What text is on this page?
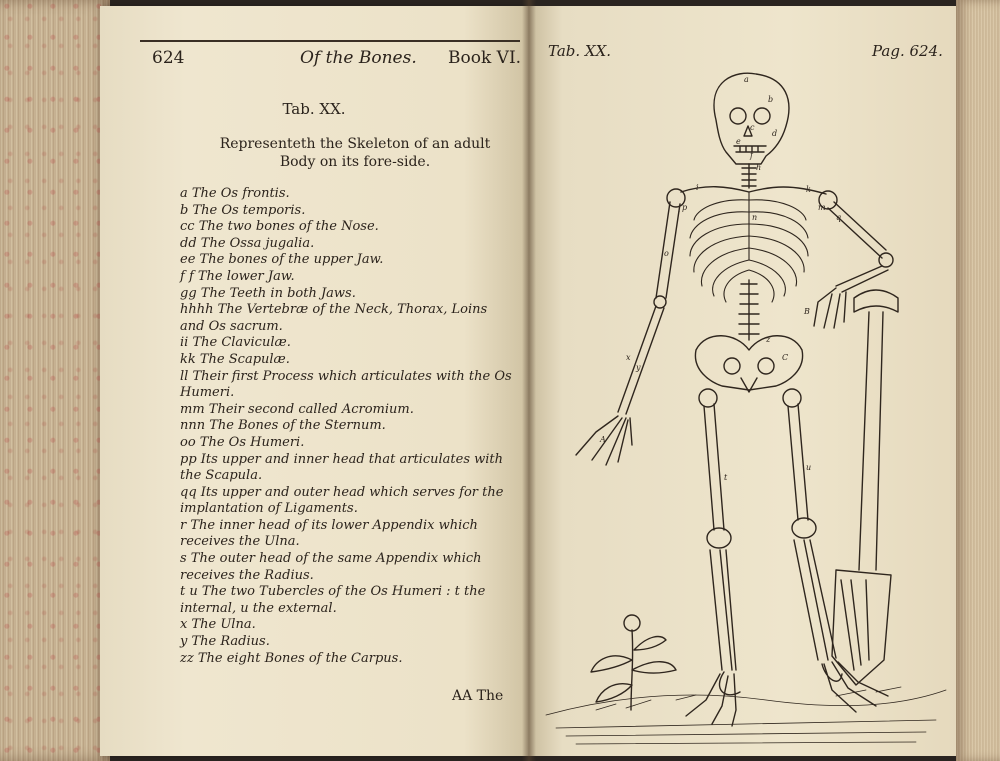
624	Of the Bones. Book VI.
Tab. XX.
Representeth the Skeleton of an adult Body on its fore-side.
a The Os frontis.
b The Os temporis.
cc The two bones of the Nose.
dd The Ossa jugalia.
ee The bones of the upper Jaw.
f f The lower Jaw.
gg The Teeth in both Jaws.
hhhh The Vertebræ of the Neck, Thorax, Loins and Os sacrum.
ii The Claviculæ.
kk The Scapulæ.
ll Their first Process which articulates with the Os Humeri.
mm Their second called Acromium.
nnn The Bones of the Sternum.
oo The Os Humeri.
pp Its upper and inner head that articulates with the Scapula.
qq Its upper and outer head which serves for the implantation of Ligaments.
r The inner head of its lower Appendix which receives the Ulna.
s The outer head of the same Appendix which receives the Radius.
t u The two Tubercles of the Os Humeri : t the internal, u the external.
x The Ulna.
y The Radius.
zz The eight Bones of the Carpus.
AA The
Tab. XX.	Pag. 624.
a
b
c
d
e
f
h
i	k
l	m
n
o
p
q
x
y
A
B
C
t
u
z
